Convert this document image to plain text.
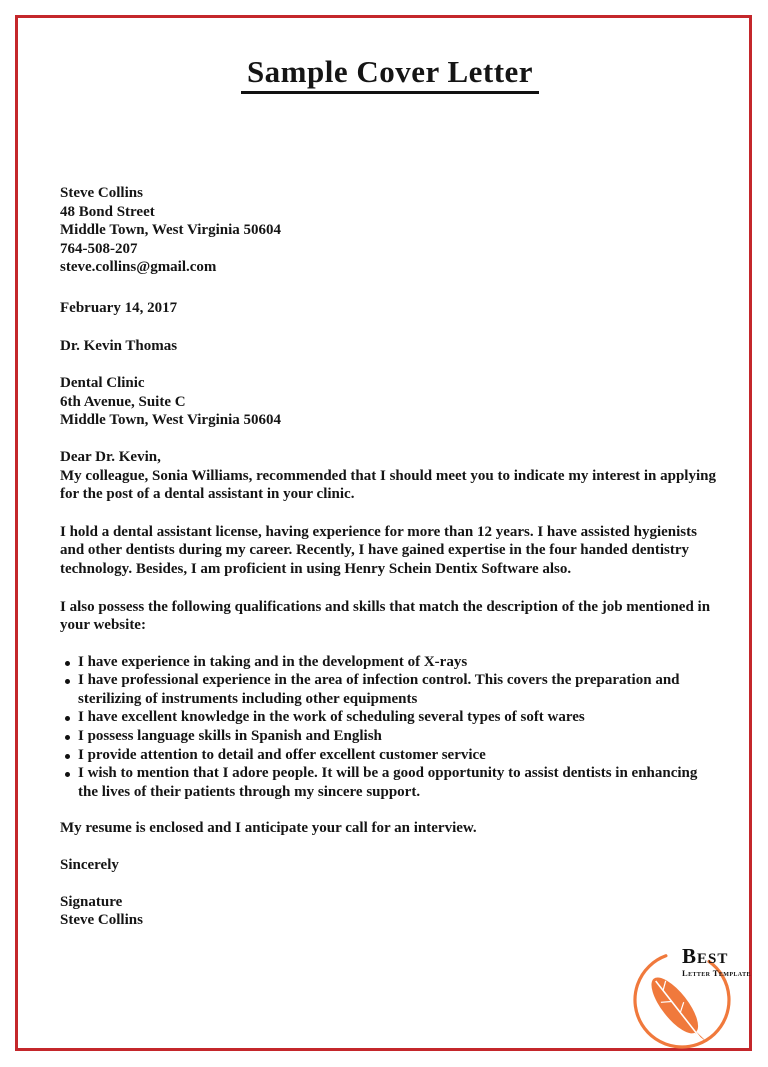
Sample Cover Letter
Steve Collins
48 Bond Street
Middle Town, West Virginia 50604
764-508-207
steve.collins@gmail.com
February 14, 2017
Dr. Kevin Thomas
Dental Clinic
6th Avenue, Suite C
Middle Town, West Virginia 50604
Dear Dr. Kevin,
My colleague, Sonia Williams, recommended that I should meet you to indicate my interest in applying for the post of a dental assistant in your clinic.
I hold a dental assistant license, having experience for more than 12 years. I have assisted hygienists and other dentists during my career. Recently, I have gained expertise in the four handed dentistry technology. Besides, I am proficient in using Henry Schein Dentix Software also.
I also possess the following qualifications and skills that match the description of the job mentioned in your website:
I have experience in taking and in the development of X-rays
I have professional experience in the area of infection control. This covers the preparation and sterilizing of instruments including other equipments
I have excellent knowledge in the work of scheduling several types of soft wares
I possess language skills in Spanish and English
I provide attention to detail and offer excellent customer service
I wish to mention that I adore people. It will be a good opportunity to assist dentists in enhancing the lives of their patients through my sincere support.
My resume is enclosed and I anticipate your call for an interview.
Sincerely
Signature
Steve Collins
Best
Letter Template
